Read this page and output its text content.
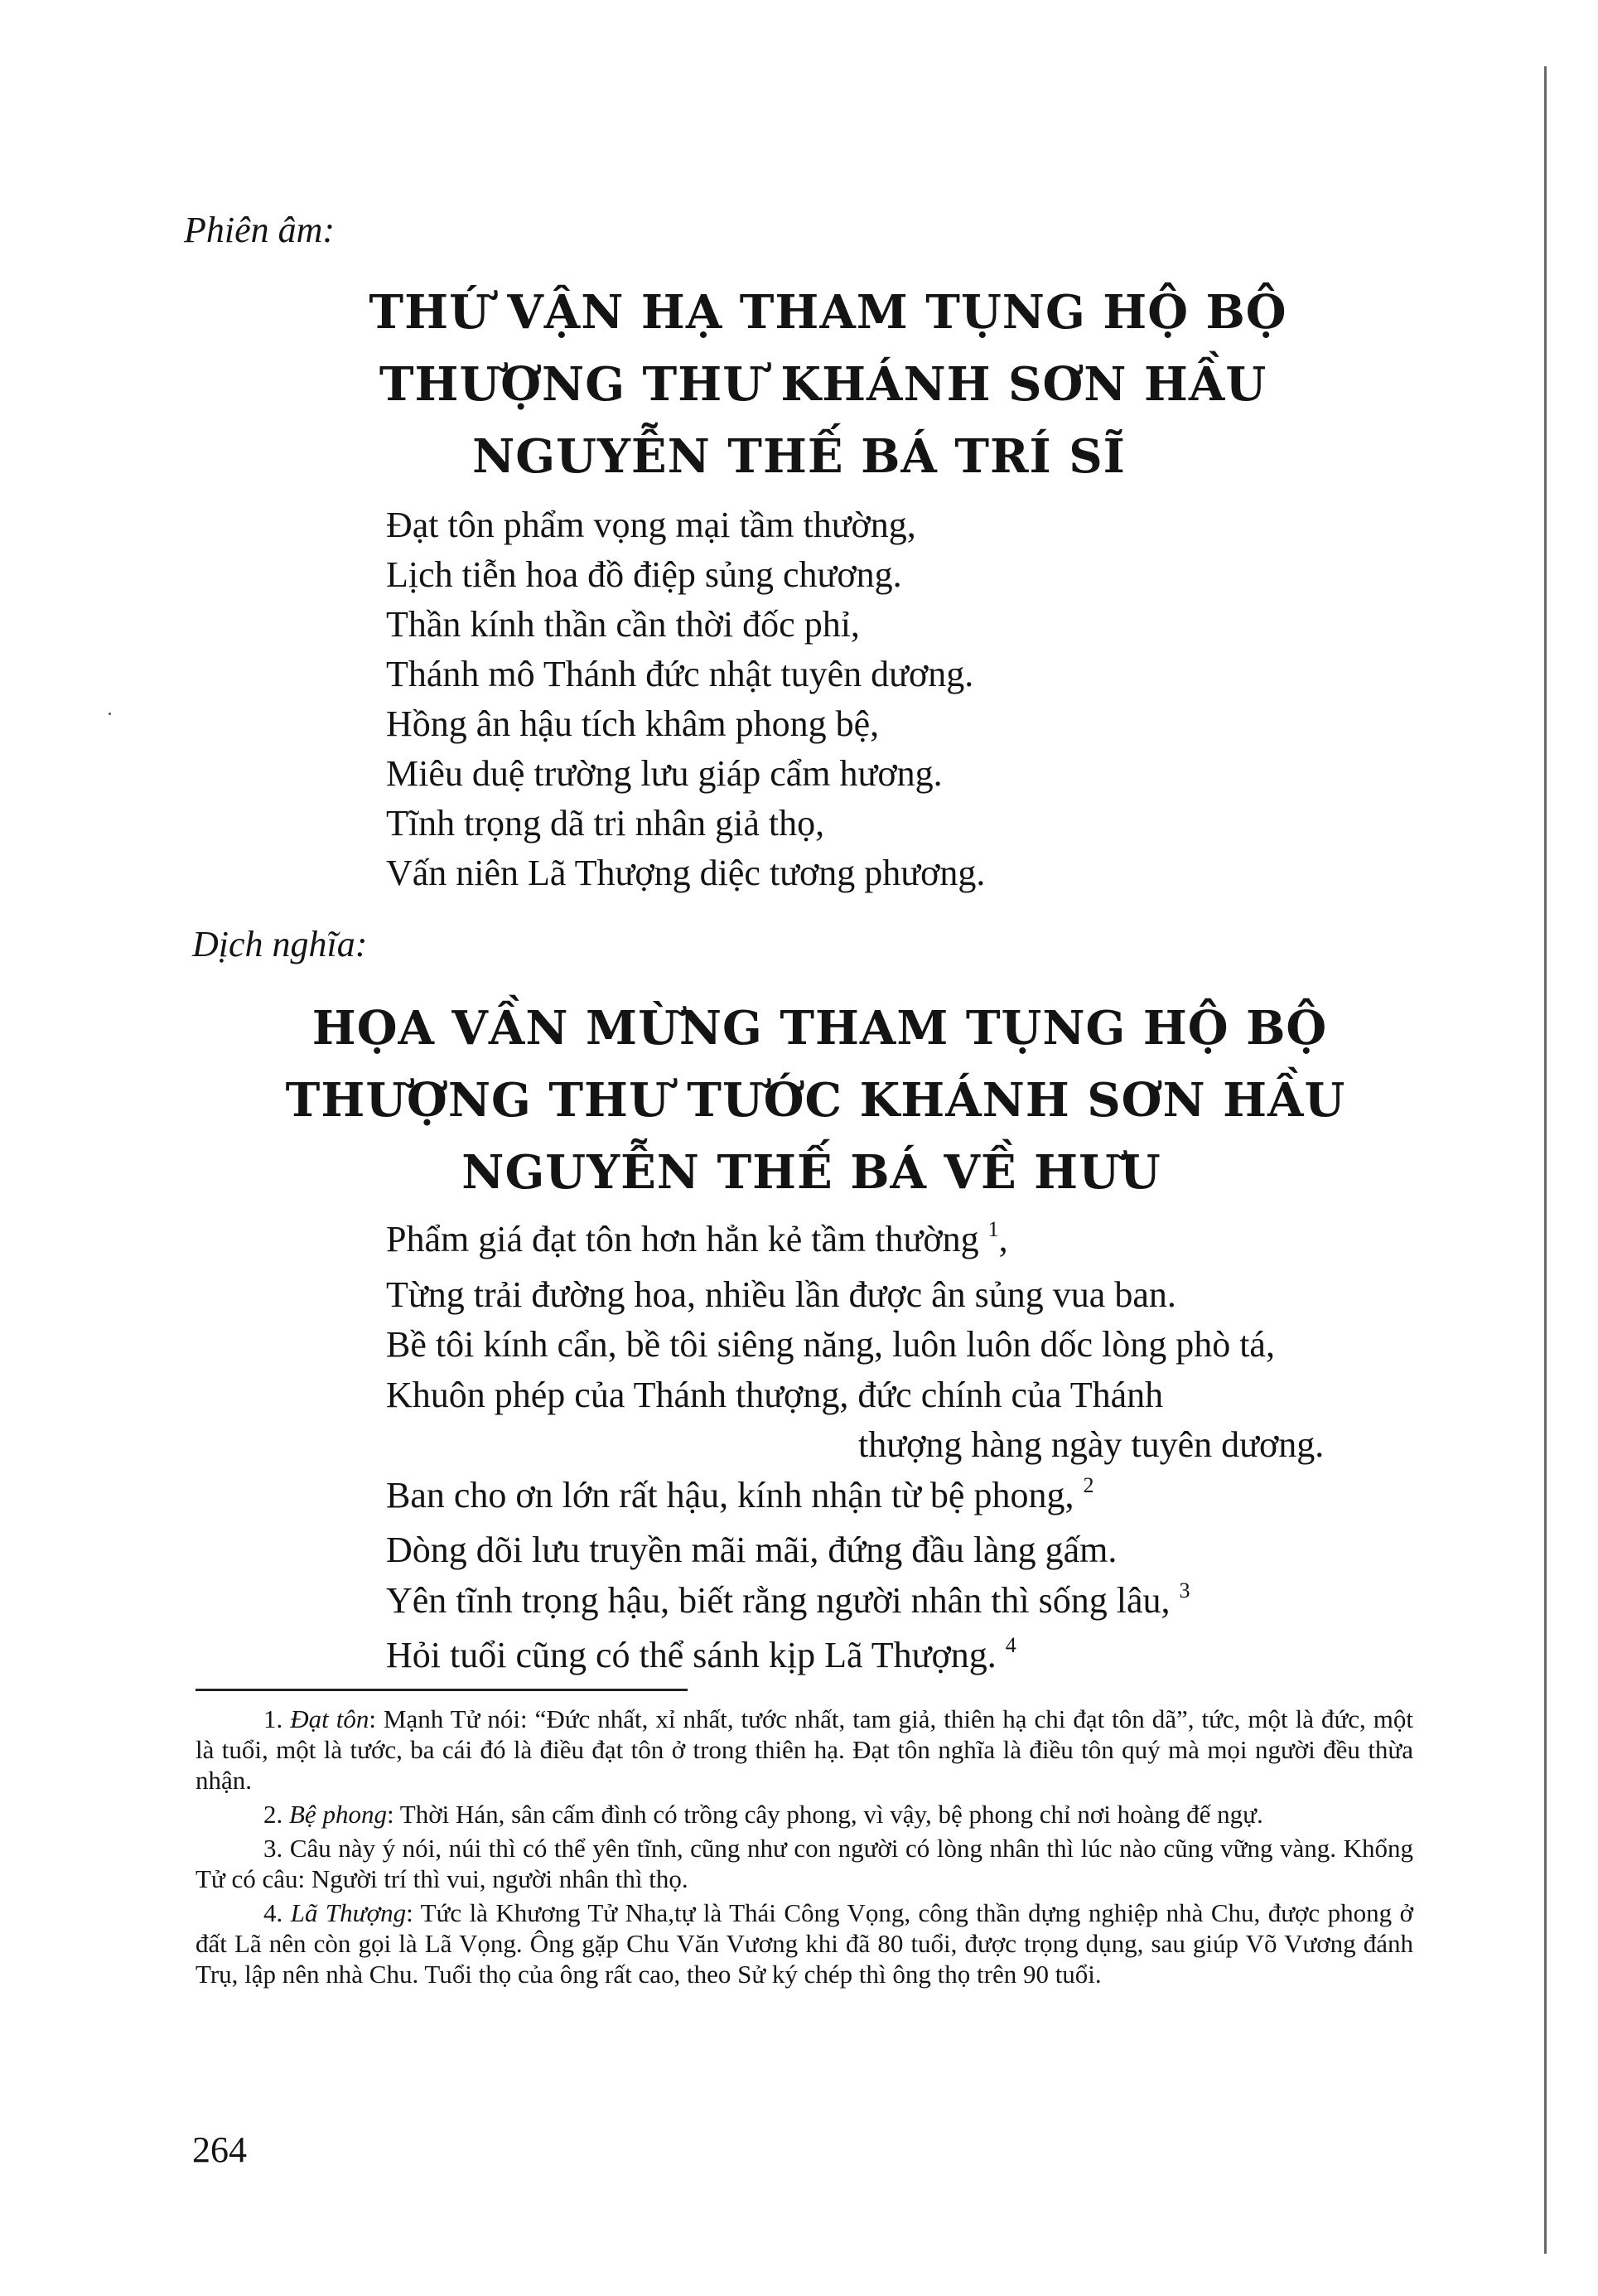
Phiên âm:
THỨ VẬN HẠ THAM TỤNG HỘ BỘ
THƯỢNG THƯ KHÁNH SƠN HẦU
NGUYỄN THẾ BÁ TRÍ SĨ
Đạt tôn phẩm vọng mại tầm thường,
Lịch tiễn hoa đồ điệp sủng chương.
Thần kính thần cần thời đốc phỉ,
Thánh mô Thánh đức nhật tuyên dương.
Hồng ân hậu tích khâm phong bệ,
Miêu duệ trường lưu giáp cẩm hương.
Tĩnh trọng dã tri nhân giả thọ,
Vấn niên Lã Thượng diệc tương phương.
Dịch nghĩa:
HỌA VẦN MỪNG THAM TỤNG HỘ BỘ
THƯỢNG THƯ TƯỚC KHÁNH SƠN HẦU
NGUYỄN THẾ BÁ VỀ HƯU
Phẩm giá đạt tôn hơn hẳn kẻ tầm thường $^1$,
Từng trải đường hoa, nhiều lần được ân sủng vua ban.
Bề tôi kính cẩn, bề tôi siêng năng, luôn luôn dốc lòng phò tá,
Khuôn phép của Thánh thượng, đức chính của Thánh
thượng hàng ngày tuyên dương.
Ban cho ơn lớn rất hậu, kính nhận từ bệ phong, $^2$
Dòng dõi lưu truyền mãi mãi, đứng đầu làng gấm.
Yên tĩnh trọng hậu, biết rằng người nhân thì sống lâu, $^3$
Hỏi tuổi cũng có thể sánh kịp Lã Thượng. $^4$

1. Đạt tôn: Mạnh Tử nói: “Đức nhất, xỉ nhất, tước nhất, tam giả, thiên hạ chi đạt tôn dã”, tức, một là đức, một là tuổi, một là tước, ba cái đó là điều đạt tôn ở trong thiên hạ. Đạt tôn nghĩa là điều tôn quý mà mọi người đều thừa nhận.

2. Bệ phong: Thời Hán, sân cấm đình có trồng cây phong, vì vậy, bệ phong chỉ nơi hoàng đế ngự.

3. Câu này ý nói, núi thì có thể yên tĩnh, cũng như con người có lòng nhân thì lúc nào cũng vững vàng. Khổng Tử có câu: Người trí thì vui, người nhân thì thọ.

4. Lã Thượng: Tức là Khương Tử Nha,tự là Thái Công Vọng, công thần dựng nghiệp nhà Chu, được phong ở đất Lã nên còn gọi là Lã Vọng. Ông gặp Chu Văn Vương khi đã 80 tuổi, được trọng dụng, sau giúp Võ Vương đánh Trụ, lập nên nhà Chu. Tuổi thọ của ông rất cao, theo Sử ký chép thì ông thọ trên 90 tuổi.

264
